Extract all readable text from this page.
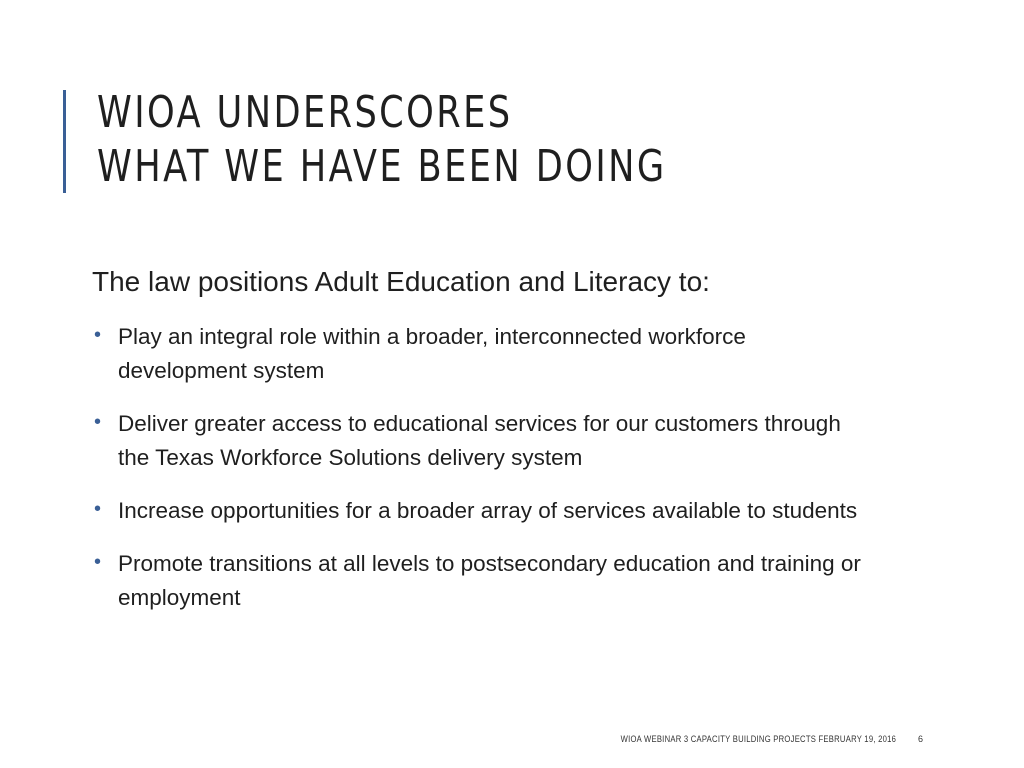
WIOA UNDERSCORES
WHAT WE HAVE BEEN DOING

The law positions Adult Education and Literacy to:

• Play an integral role within a broader, interconnected workforce development system
• Deliver greater access to educational services for our customers through the Texas Workforce Solutions delivery system
• Increase opportunities for a broader array of services available to students
• Promote transitions at all levels to postsecondary education and training or employment
WIOA WEBINAR 3 CAPACITY BUILDING PROJECTS FEBRUARY 19, 2016 6
